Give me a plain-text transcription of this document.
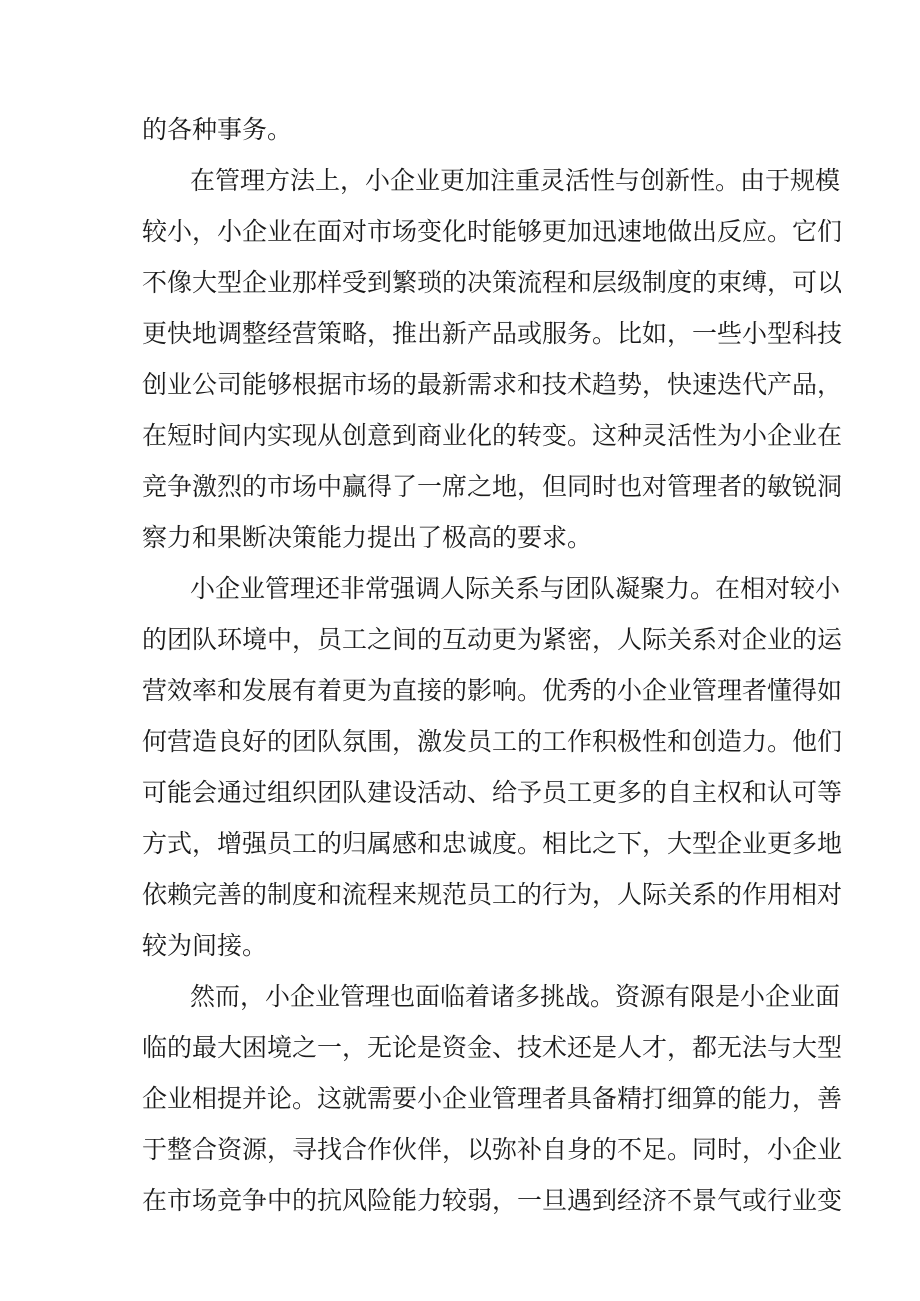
的各种事务。
在管理方法上，小企业更加注重灵活性与创新性。由于规模
较小，小企业在面对市场变化时能够更加迅速地做出反应。它们
不像大型企业那样受到繁琐的决策流程和层级制度的束缚，可以
更快地调整经营策略，推出新产品或服务。比如，一些小型科技
创业公司能够根据市场的最新需求和技术趋势，快速迭代产品，
在短时间内实现从创意到商业化的转变。这种灵活性为小企业在
竞争激烈的市场中赢得了一席之地，但同时也对管理者的敏锐洞
察力和果断决策能力提出了极高的要求。
小企业管理还非常强调人际关系与团队凝聚力。在相对较小
的团队环境中，员工之间的互动更为紧密，人际关系对企业的运
营效率和发展有着更为直接的影响。优秀的小企业管理者懂得如
何营造良好的团队氛围，激发员工的工作积极性和创造力。他们
可能会通过组织团队建设活动、给予员工更多的自主权和认可等
方式，增强员工的归属感和忠诚度。相比之下，大型企业更多地
依赖完善的制度和流程来规范员工的行为，人际关系的作用相对
较为间接。
然而，小企业管理也面临着诸多挑战。资源有限是小企业面
临的最大困境之一，无论是资金、技术还是人才，都无法与大型
企业相提并论。这就需要小企业管理者具备精打细算的能力，善
于整合资源，寻找合作伙伴，以弥补自身的不足。同时，小企业
在市场竞争中的抗风险能力较弱，一旦遇到经济不景气或行业变
